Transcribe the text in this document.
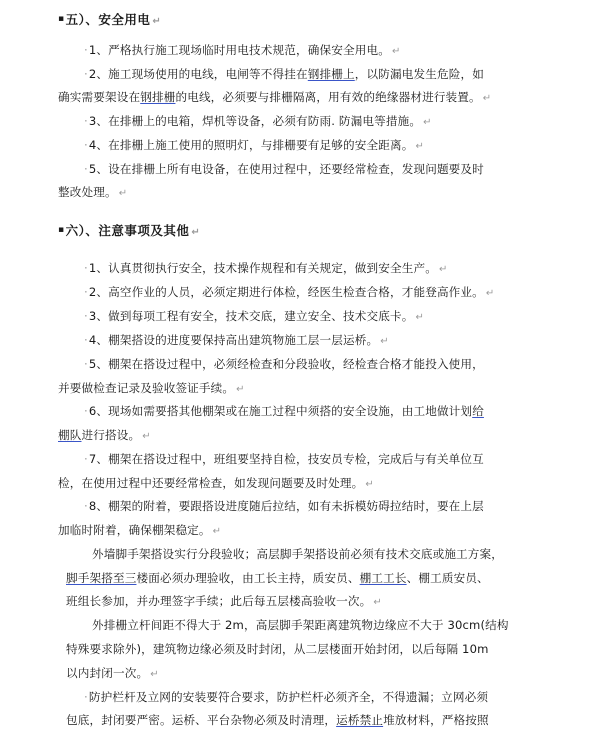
▪五）、安全用电 ↵
·1、严格执行施工现场临时用电技术规范，确保安全用电。 ↵
·2、施工现场使用的电线，电闸等不得挂在钢排栅上，以防漏电发生危险，如
确实需要架设在钢排栅的电线，必须要与排栅隔离，用有效的绝缘器材进行装置。 ↵
·3、在排栅上的电箱，焊机等设备，必须有防雨. 防漏电等措施。 ↵
·4、在排栅上施工使用的照明灯，与排栅要有足够的安全距离。 ↵
·5、设在排栅上所有电设备，在使用过程中，还要经常检查，发现问题要及时
整改处理。 ↵
▪六）、注意事项及其他 ↵
·1、认真贯彻执行安全，技术操作规程和有关规定，做到安全生产。 ↵
·2、高空作业的人员，必须定期进行体检，经医生检查合格，才能登高作业。 ↵
·3、做到每项工程有安全，技术交底，建立安全、技术交底卡。 ↵
·4、棚架搭设的进度要保持高出建筑物施工层一层运桥。 ↵
·5、棚架在搭设过程中，必须经检查和分段验收，经检查合格才能投入使用，
并要做检查记录及验收签证手续。 ↵
·6、现场如需要搭其他棚架或在施工过程中须搭的安全设施，由工地做计划给
棚队进行搭设。 ↵
·7、棚架在搭设过程中，班组要坚持自检，技安员专检，完成后与有关单位互
检，在使用过程中还要经常检查，如发现问题要及时处理。 ↵
·8、棚架的附着，要跟搭设进度随后拉结，如有未拆模妨碍拉结时，要在上层
加临时附着，确保棚架稳定。 ↵
外墙脚手架搭设实行分段验收；高层脚手架搭设前必须有技术交底或施工方案，
脚手架搭至三楼面必须办理验收，由工长主持，质安员、棚工工长、棚工质安员、
班组长参加，并办理签字手续；此后每五层楼高验收一次。 ↵
外排栅立杆间距不得大于 2m，高层脚手架距离建筑物边缘应不大于 30cm(结构
特殊要求除外)，建筑物边缘必须及时封闭，从二层楼面开始封闭，以后每隔 10m
以内封闭一次。 ↵
·防护栏杆及立网的安装要符合要求，防护栏杆必须齐全，不得遗漏；立网必须
包底，封闭要严密。运桥、平台杂物必须及时清理，运桥禁止堆放材料，严格按照
